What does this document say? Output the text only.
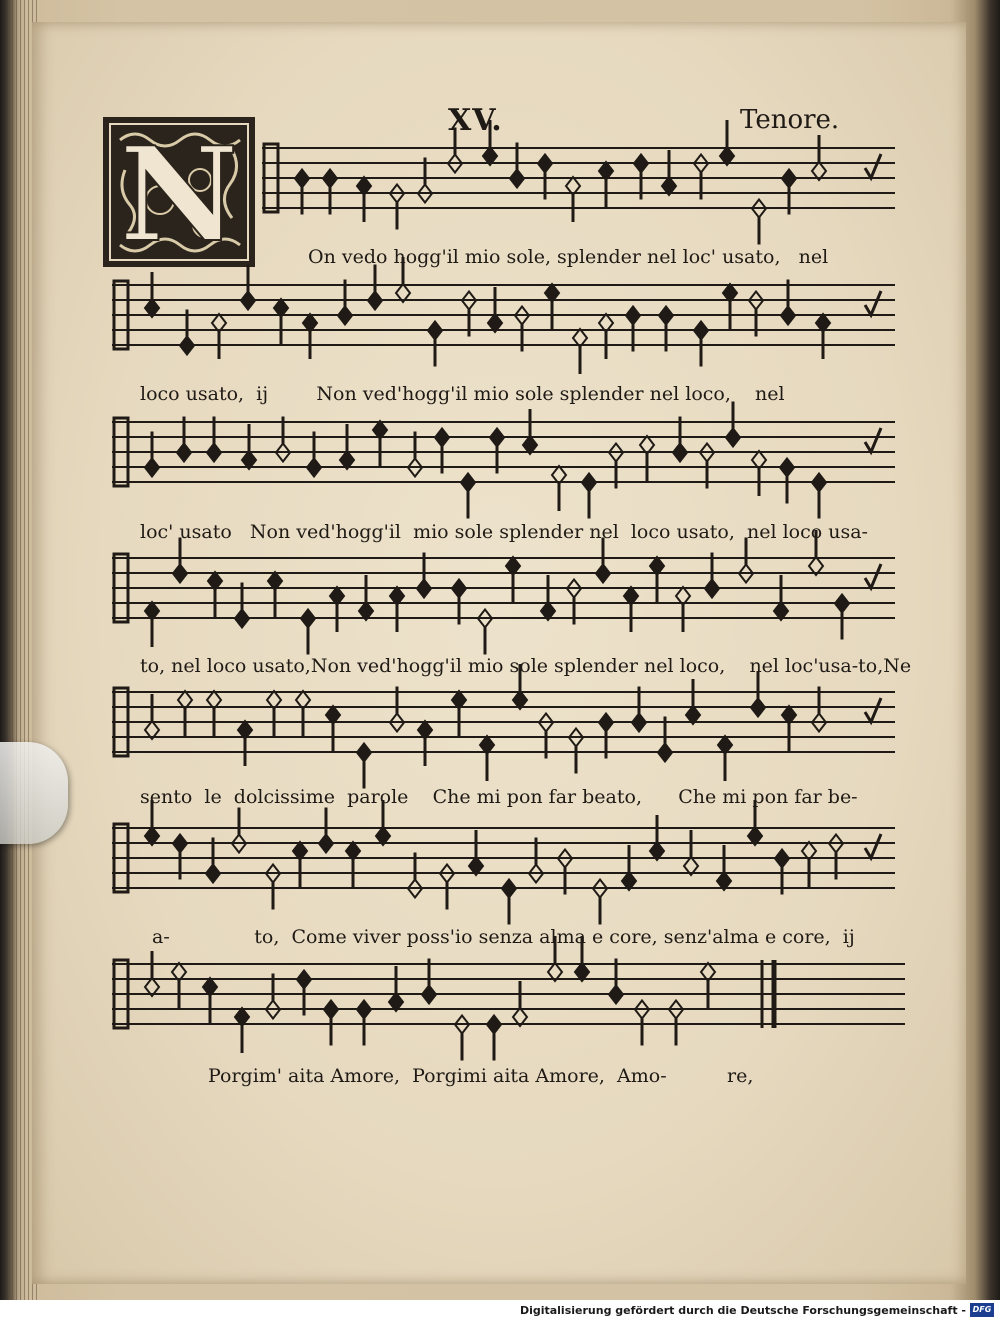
XV.	Tenore.
N	On vedo hogg'il mio sole, splender nel loc' usato,   nel
loco usato,  ij        Non ved'hogg'il mio sole splender nel loco,    nel
loc' usato   Non ved'hogg'il  mio sole splender nel  loco usato,  nel loco usa-
to, nel loco usato,Non ved'hogg'il mio sole splender nel loco,    nel loc'usa-to,Ne
sento  le  dolcissime  parole    Che mi pon far beato,      Che mi pon far be-
a-              to,  Come viver poss'io senza alma e core, senz'alma e core,  ij
Porgim' aita Amore,  Porgimi aita Amore,  Amo-          re,
Digitalisierung gefördert durch die Deutsche Forschungsgemeinschaft - DFG
